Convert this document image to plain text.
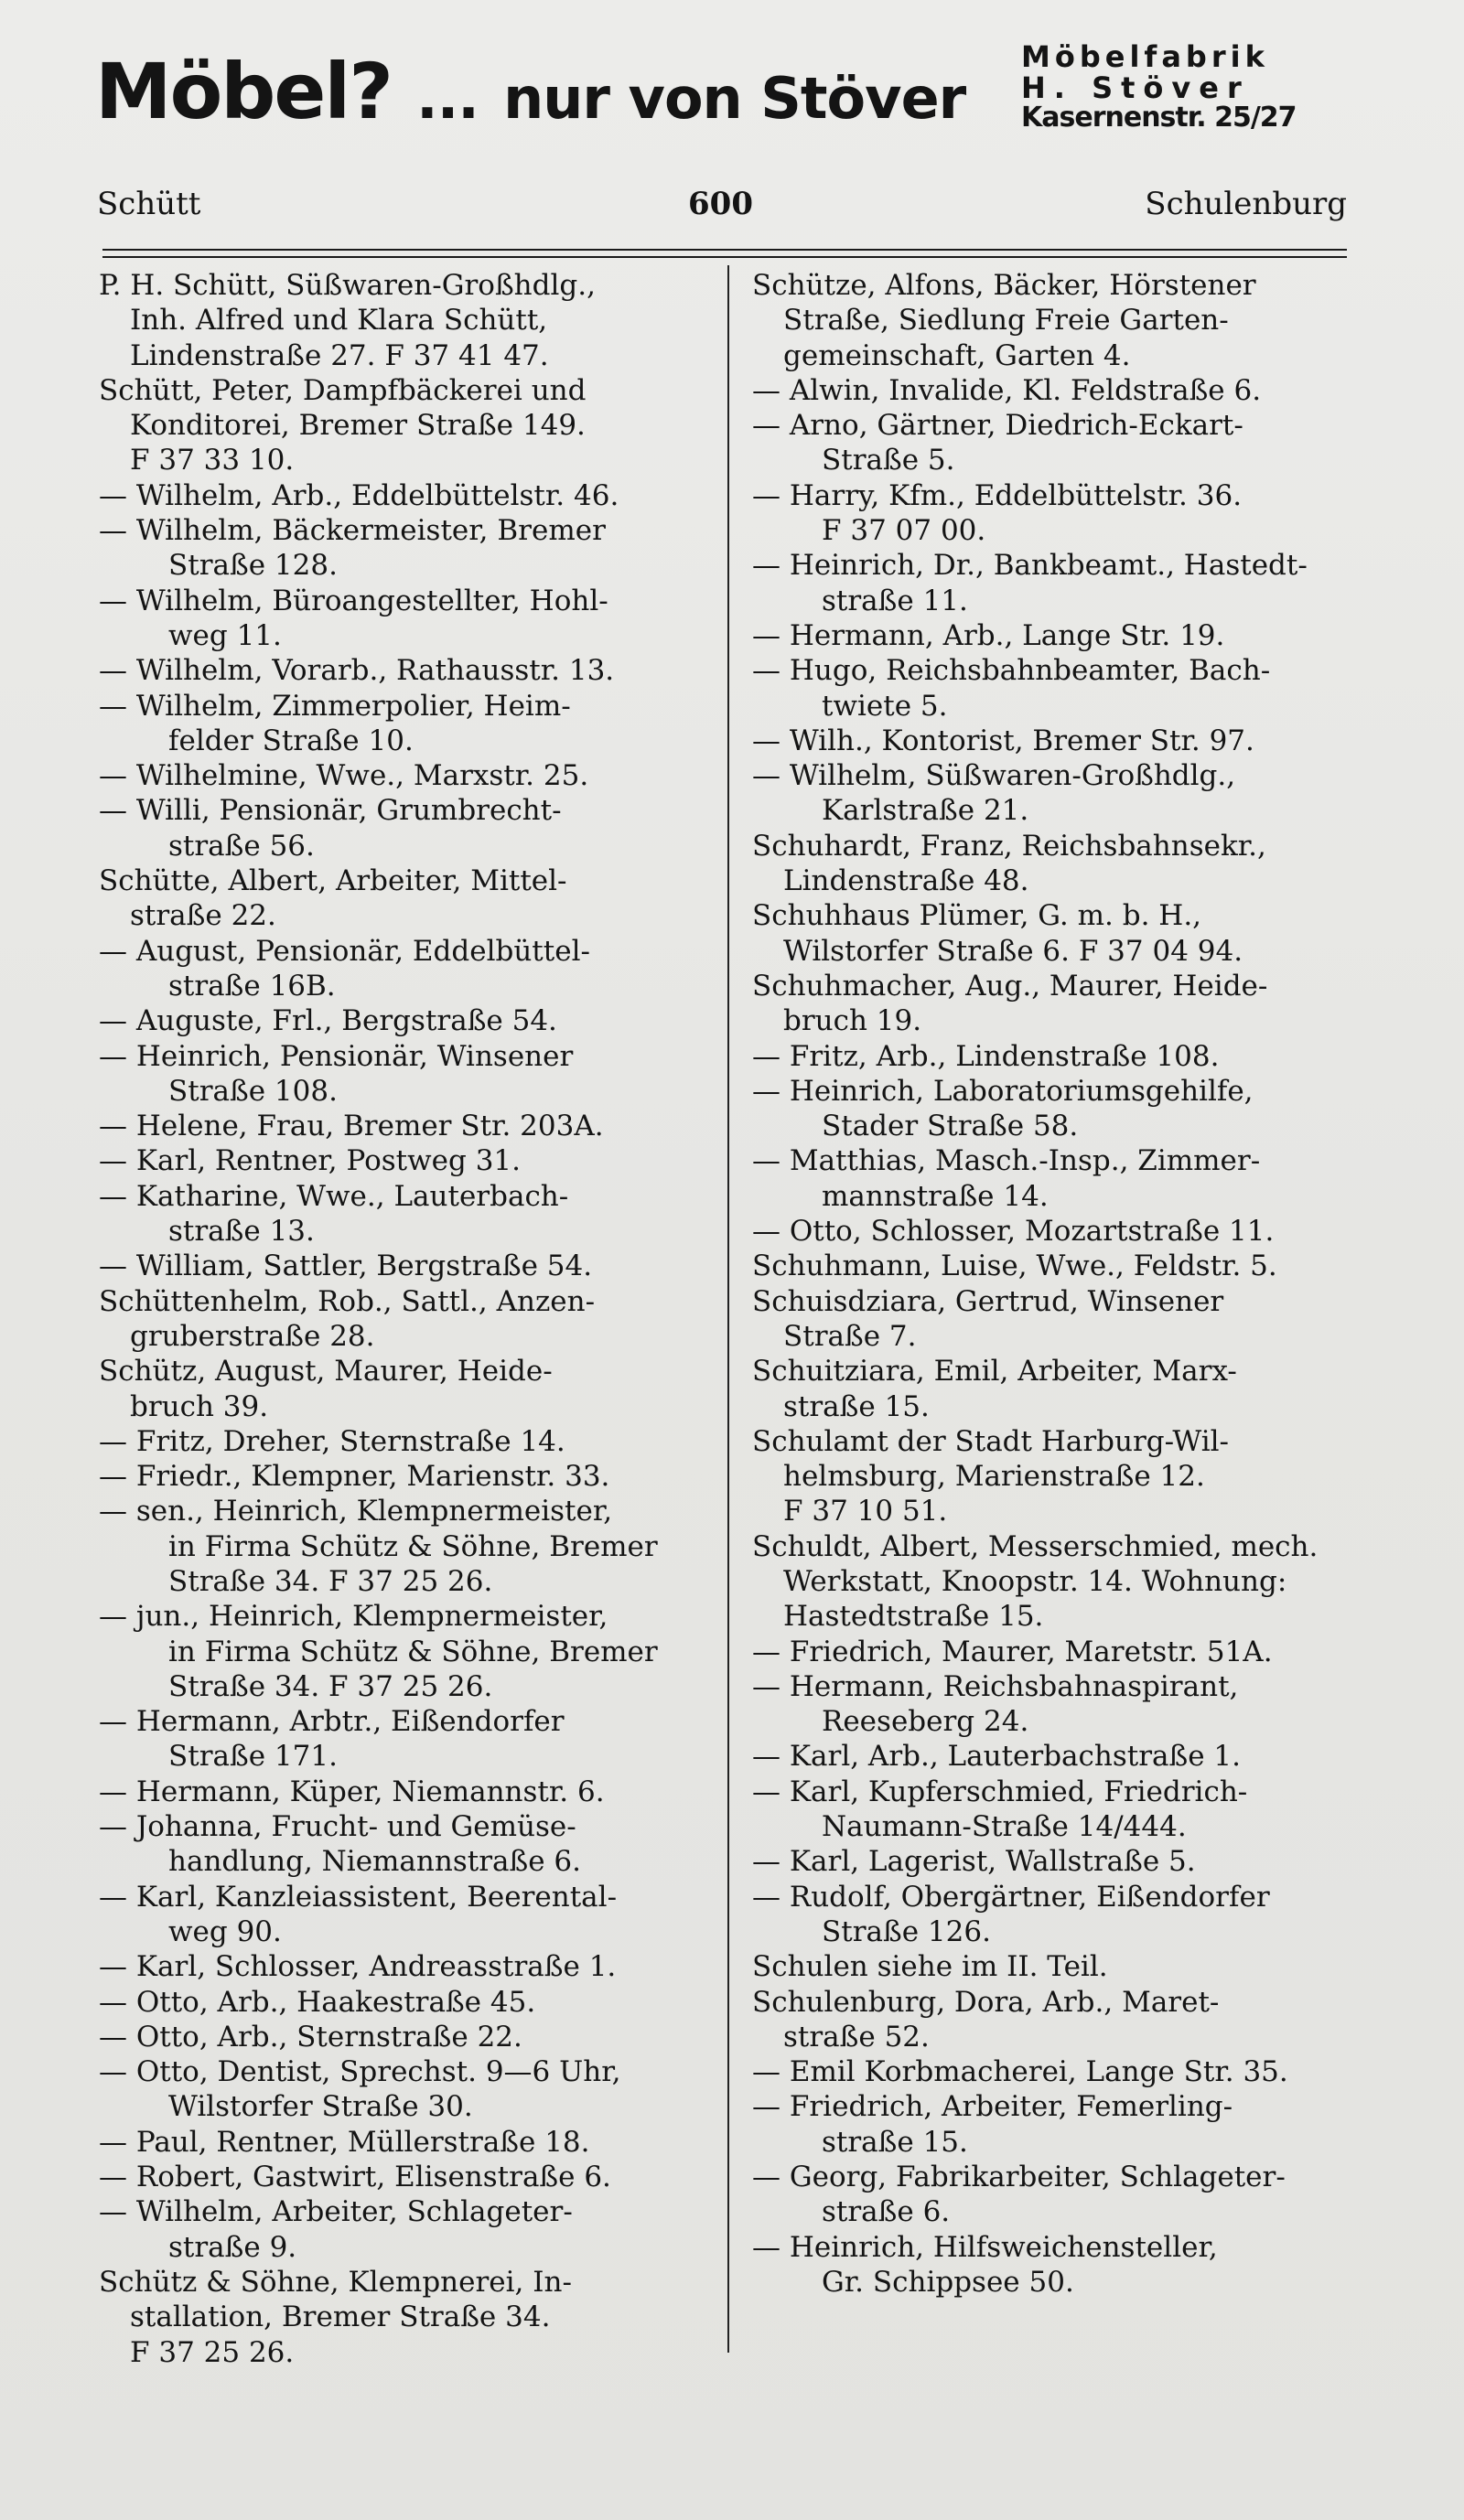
Möbel? ... nur von Stöver
Möbelfabrik
H. Stöver
Kasernenstr. 25/27
Schütt	600	Schulenburg
P. H. Schütt, Süßwaren-Großhdlg.,
Inh. Alfred und Klara Schütt,
Lindenstraße 27. F 37 41 47.
Schütt, Peter, Dampfbäckerei und
Konditorei, Bremer Straße 149.
F 37 33 10.
— Wilhelm, Arb., Eddelbüttelstr. 46.
— Wilhelm, Bäckermeister, Bremer
Straße 128.
— Wilhelm, Büroangestellter, Hohl-
weg 11.
— Wilhelm, Vorarb., Rathausstr. 13.
— Wilhelm, Zimmerpolier, Heim-
felder Straße 10.
— Wilhelmine, Wwe., Marxstr. 25.
— Willi, Pensionär, Grumbrecht-
straße 56.
Schütte, Albert, Arbeiter, Mittel-
straße 22.
— August, Pensionär, Eddelbüttel-
straße 16B.
— Auguste, Frl., Bergstraße 54.
— Heinrich, Pensionär, Winsener
Straße 108.
— Helene, Frau, Bremer Str. 203A.
— Karl, Rentner, Postweg 31.
— Katharine, Wwe., Lauterbach-
straße 13.
— William, Sattler, Bergstraße 54.
Schüttenhelm, Rob., Sattl., Anzen-
gruberstraße 28.
Schütz, August, Maurer, Heide-
bruch 39.
— Fritz, Dreher, Sternstraße 14.
— Friedr., Klempner, Marienstr. 33.
— sen., Heinrich, Klempnermeister,
in Firma Schütz & Söhne, Bremer
Straße 34. F 37 25 26.
— jun., Heinrich, Klempnermeister,
in Firma Schütz & Söhne, Bremer
Straße 34. F 37 25 26.
— Hermann, Arbtr., Eißendorfer
Straße 171.
— Hermann, Küper, Niemannstr. 6.
— Johanna, Frucht- und Gemüse-
handlung, Niemannstraße 6.
— Karl, Kanzleiassistent, Beerental-
weg 90.
— Karl, Schlosser, Andreasstraße 1.
— Otto, Arb., Haakestraße 45.
— Otto, Arb., Sternstraße 22.
— Otto, Dentist, Sprechst. 9—6 Uhr,
Wilstorfer Straße 30.
— Paul, Rentner, Müllerstraße 18.
— Robert, Gastwirt, Elisenstraße 6.
— Wilhelm, Arbeiter, Schlageter-
straße 9.
Schütz & Söhne, Klempnerei, In-
stallation, Bremer Straße 34.
F 37 25 26.
Schütze, Alfons, Bäcker, Hörstener
Straße, Siedlung Freie Garten-
gemeinschaft, Garten 4.
— Alwin, Invalide, Kl. Feldstraße 6.
— Arno, Gärtner, Diedrich-Eckart-
Straße 5.
— Harry, Kfm., Eddelbüttelstr. 36.
F 37 07 00.
— Heinrich, Dr., Bankbeamt., Hastedt-
straße 11.
— Hermann, Arb., Lange Str. 19.
— Hugo, Reichsbahnbeamter, Bach-
twiete 5.
— Wilh., Kontorist, Bremer Str. 97.
— Wilhelm, Süßwaren-Großhdlg.,
Karlstraße 21.
Schuhardt, Franz, Reichsbahnsekr.,
Lindenstraße 48.
Schuhhaus Plümer, G. m. b. H.,
Wilstorfer Straße 6. F 37 04 94.
Schuhmacher, Aug., Maurer, Heide-
bruch 19.
— Fritz, Arb., Lindenstraße 108.
— Heinrich, Laboratoriumsgehilfe,
Stader Straße 58.
— Matthias, Masch.-Insp., Zimmer-
mannstraße 14.
— Otto, Schlosser, Mozartstraße 11.
Schuhmann, Luise, Wwe., Feldstr. 5.
Schuisdziara, Gertrud, Winsener
Straße 7.
Schuitziara, Emil, Arbeiter, Marx-
straße 15.
Schulamt der Stadt Harburg-Wil-
helmsburg, Marienstraße 12.
F 37 10 51.
Schuldt, Albert, Messerschmied, mech.
Werkstatt, Knoopstr. 14. Wohnung:
Hastedtstraße 15.
— Friedrich, Maurer, Maretstr. 51A.
— Hermann, Reichsbahnaspirant,
Reeseberg 24.
— Karl, Arb., Lauterbachstraße 1.
— Karl, Kupferschmied, Friedrich-
Naumann-Straße 14/444.
— Karl, Lagerist, Wallstraße 5.
— Rudolf, Obergärtner, Eißendorfer
Straße 126.
Schulen siehe im II. Teil.
Schulenburg, Dora, Arb., Maret-
straße 52.
— Emil Korbmacherei, Lange Str. 35.
— Friedrich, Arbeiter, Femerling-
straße 15.
— Georg, Fabrikarbeiter, Schlageter-
straße 6.
— Heinrich, Hilfsweichensteller,
Gr. Schippsee 50.
